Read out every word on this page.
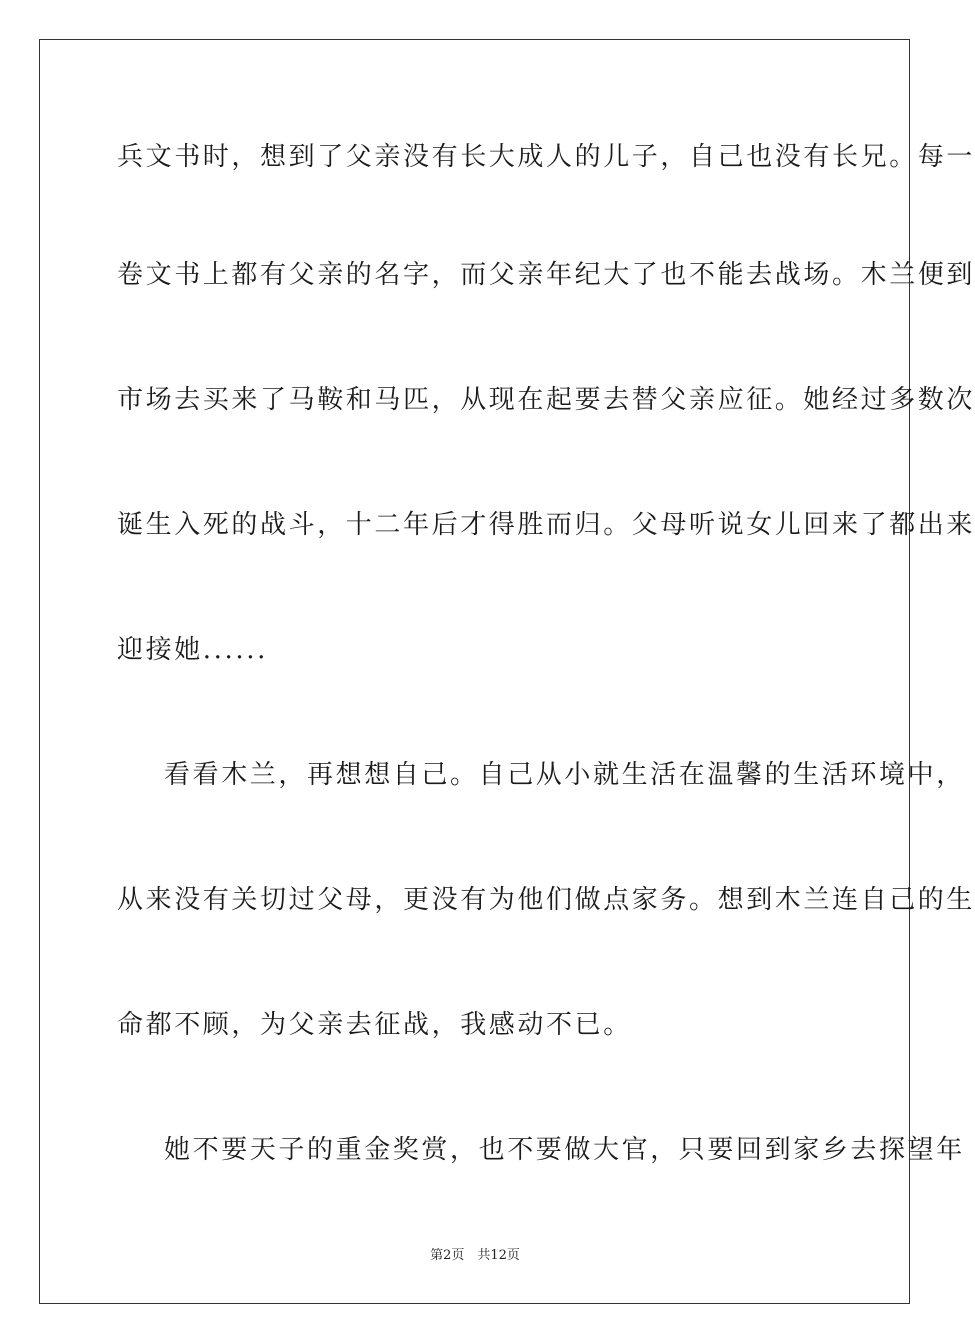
兵文书时，想到了父亲没有长大成人的儿子，自己也没有长兄。每一
卷文书上都有父亲的名字，而父亲年纪大了也不能去战场。木兰便到
市场去买来了马鞍和马匹，从现在起要去替父亲应征。她经过多数次
诞生入死的战斗，十二年后才得胜而归。父母听说女儿回来了都出来
迎接她......
看看木兰，再想想自己。自己从小就生活在温馨的生活环境中，
从来没有关切过父母，更没有为他们做点家务。想到木兰连自己的生
命都不顾，为父亲去征战，我感动不已。
她不要天子的重金奖赏，也不要做大官，只要回到家乡去探望年
第2页　共12页
